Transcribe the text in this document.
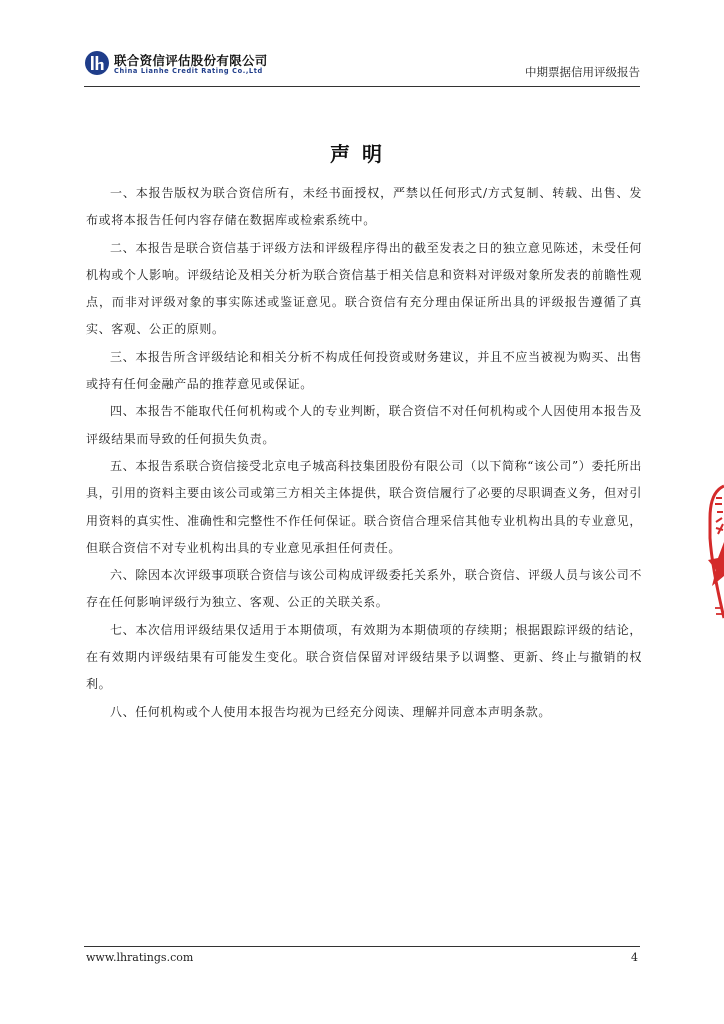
联合资信评估股份有限公司
China Lianhe Credit Rating Co.,Ltd	中期票据信用评级报告
声明

一、本报告版权为联合资信所有，未经书面授权，严禁以任何形式/方式复制、转载、出售、发布或将本报告任何内容存储在数据库或检索系统中。

二、本报告是联合资信基于评级方法和评级程序得出的截至发表之日的独立意见陈述，未受任何机构或个人影响。评级结论及相关分析为联合资信基于相关信息和资料对评级对象所发表的前瞻性观点，而非对评级对象的事实陈述或鉴证意见。联合资信有充分理由保证所出具的评级报告遵循了真实、客观、公正的原则。

三、本报告所含评级结论和相关分析不构成任何投资或财务建议，并且不应当被视为购买、出售或持有任何金融产品的推荐意见或保证。

四、本报告不能取代任何机构或个人的专业判断，联合资信不对任何机构或个人因使用本报告及评级结果而导致的任何损失负责。

五、本报告系联合资信接受北京电子城高科技集团股份有限公司（以下简称“该公司”）委托所出具，引用的资料主要由该公司或第三方相关主体提供，联合资信履行了必要的尽职调查义务，但对引用资料的真实性、准确性和完整性不作任何保证。联合资信合理采信其他专业机构出具的专业意见，但联合资信不对专业机构出具的专业意见承担任何责任。

六、除因本次评级事项联合资信与该公司构成评级委托关系外，联合资信、评级人员与该公司不存在任何影响评级行为独立、客观、公正的关联关系。

七、本次信用评级结果仅适用于本期债项，有效期为本期债项的存续期；根据跟踪评级的结论，在有效期内评级结果有可能发生变化。联合资信保留对评级结果予以调整、更新、终止与撤销的权利。

八、任何机构或个人使用本报告均视为已经充分阅读、理解并同意本声明条款。

www.lhratings.com	4
